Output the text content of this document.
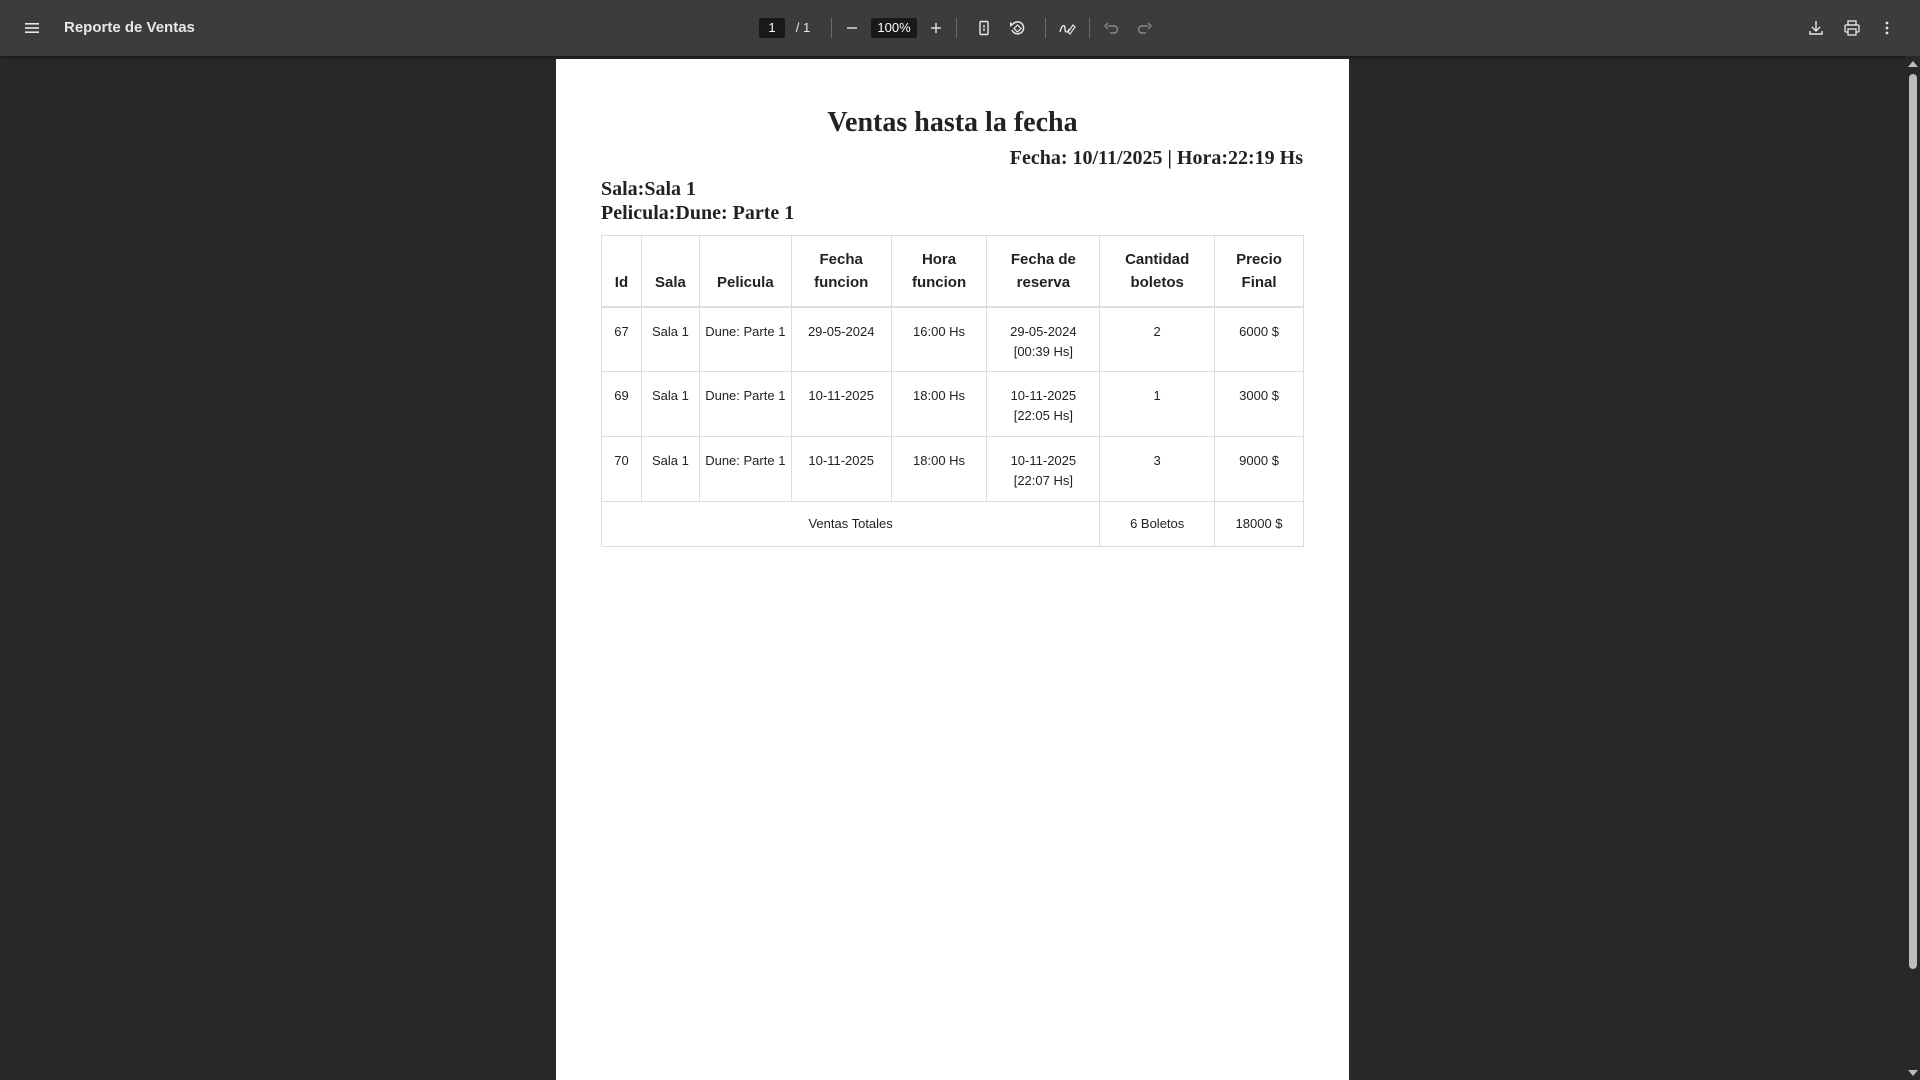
Reporte de Ventas	1	/ 1	100%
Ventas hasta la fecha
Fecha: 10/11/2025 | Hora:22:19 Hs
Sala:Sala 1
Pelicula:Dune: Parte 1
Id	Sala	Pelicula	Fecha funcion	Hora funcion	Fecha de reserva	Cantidad boletos	Precio Final
67	Sala 1	Dune: Parte 1	29-05-2024	16:00 Hs	29-05-2024 [00:39 Hs]	2	6000 $
69	Sala 1	Dune: Parte 1	10-11-2025	18:00 Hs	10-11-2025 [22:05 Hs]	1	3000 $
70	Sala 1	Dune: Parte 1	10-11-2025	18:00 Hs	10-11-2025 [22:07 Hs]	3	9000 $
Ventas Totales						6 Boletos	18000 $
